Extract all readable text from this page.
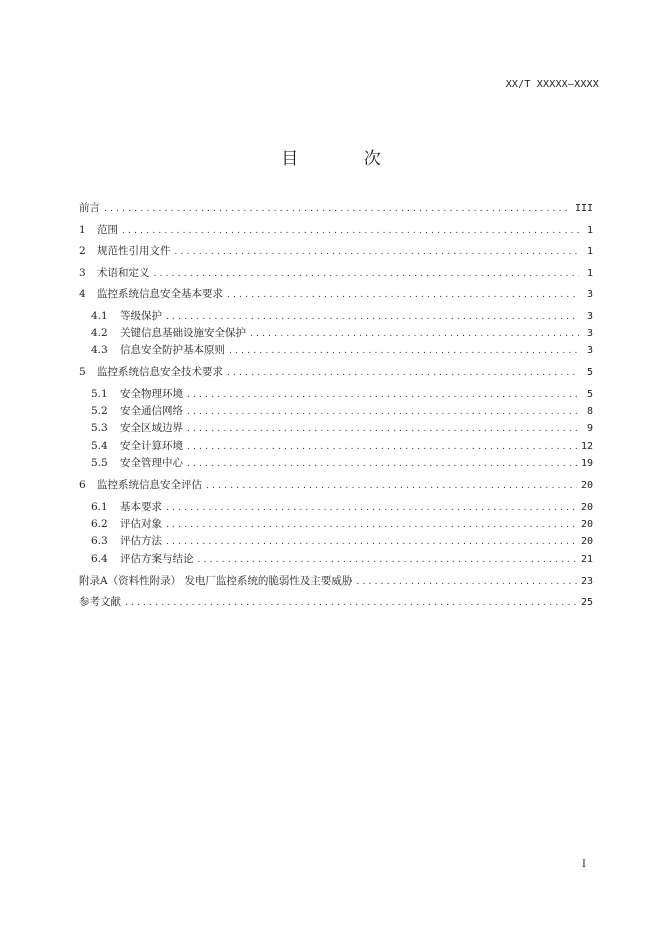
XX/T XXXXX—XXXX
目 次
前言 .....	III
1	范围 .....	1
2	规范性引用文件 .....	1
3	术语和定义 .....	1
4	监控系统信息安全基本要求 .....	3
4.1	等级保护 .....	3
4.2	关键信息基础设施安全保护 .....	3
4.3	信息安全防护基本原则 .....	3
5	监控系统信息安全技术要求 .....	5
5.1	安全物理环境 .....	5
5.2	安全通信网络 .....	8
5.3	安全区域边界 .....	9
5.4	安全计算环境 .....	12
5.5	安全管理中心 .....	19
6	监控系统信息安全评估 .....	20
6.1	基本要求 .....	20
6.2	评估对象 .....	20
6.3	评估方法 .....	20
6.4	评估方案与结论 .....	21
附录A（资料性附录） 发电厂监控系统的脆弱性及主要威胁 .....	23
参考文献 .....	25
I
